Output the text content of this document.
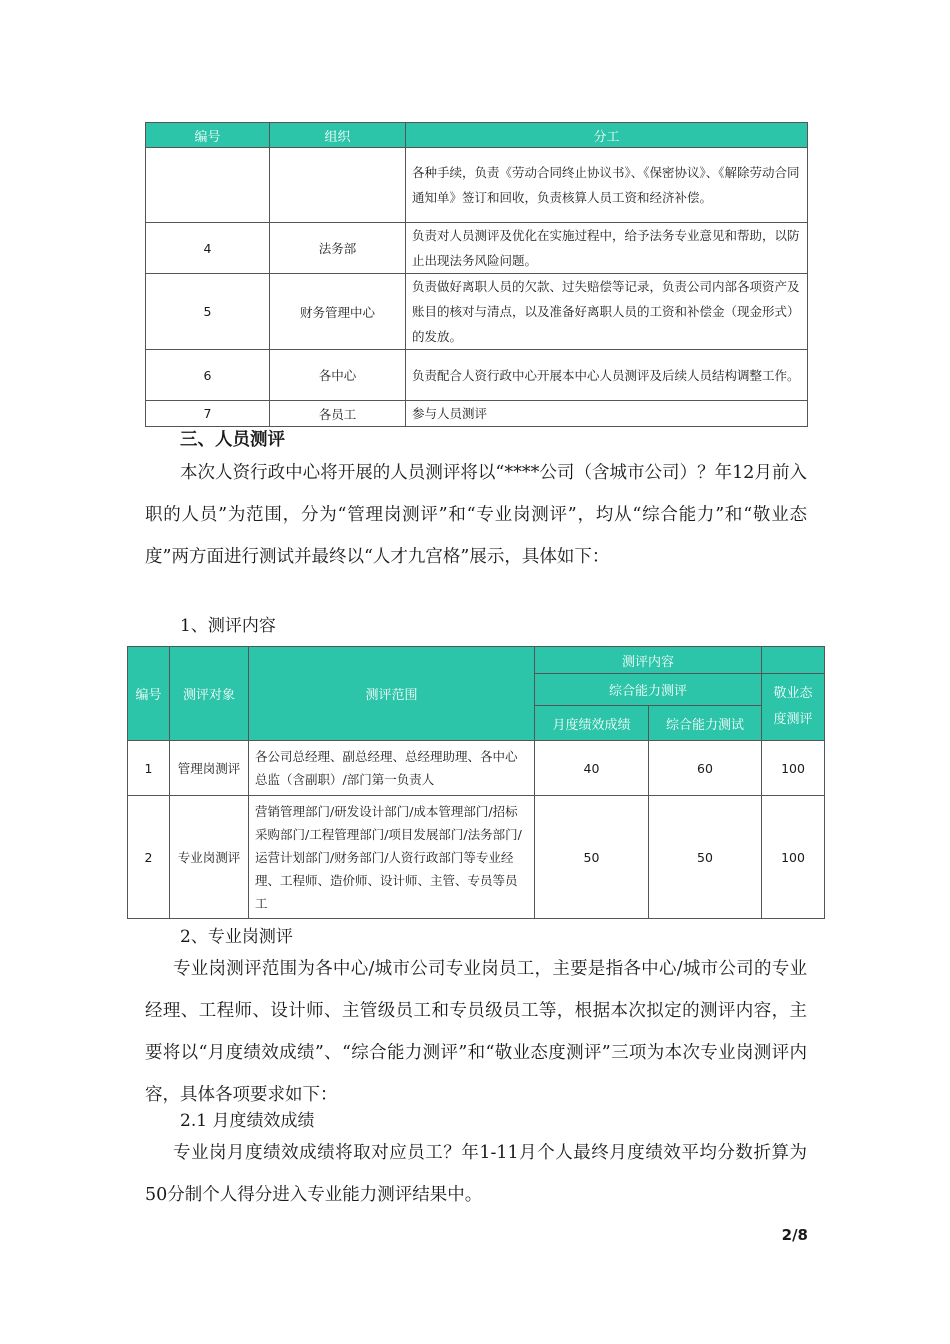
编号	组织	分工
		各种手续，负责《劳动合同终止协议书》、《保密协议》、《解除劳动合同通知单》签订和回收，负责核算人员工资和经济补偿。
4	法务部	负责对人员测评及优化在实施过程中，给予法务专业意见和帮助，以防止出现法务风险问题。
5	财务管理中心	负责做好离职人员的欠款、过失赔偿等记录，负责公司内部各项资产及账目的核对与清点，以及准备好离职人员的工资和补偿金（现金形式）的发放。
6	各中心	负责配合人资行政中心开展本中心人员测评及后续人员结构调整工作。
7	各员工	参与人员测评
三、人员测评
本次人资行政中心将开展的人员测评将以“****公司（含城市公司）？年12月前入职的人员”为范围，分为“管理岗测评”和“专业岗测评”，均从“综合能力”和“敬业态度”两方面进行测试并最终以“人才九宫格”展示，具体如下：
1、测评内容
编号	测评对象	测评范围	测评内容		
			综合能力测评		敬业态度测评
			月度绩效成绩	综合能力测试	
1	管理岗测评	各公司总经理、副总经理、总经理助理、各中心总监（含副职）/部门第一负责人	40	60	100
2	专业岗测评	营销管理部门/研发设计部门/成本管理部门/招标采购部门/工程管理部门/项目发展部门/法务部门/运营计划部门/财务部门/人资行政部门等专业经理、工程师、造价师、设计师、主管、专员等员工	50	50	100
2、专业岗测评
专业岗测评范围为各中心/城市公司专业岗员工，主要是指各中心/城市公司的专业经理、工程师、设计师、主管级员工和专员级员工等，根据本次拟定的测评内容，主要将以“月度绩效成绩”、“综合能力测评”和“敬业态度测评”三项为本次专业岗测评内容，具体各项要求如下：
2.1 月度绩效成绩
专业岗月度绩效成绩将取对应员工？年1-11月个人最终月度绩效平均分数折算为50分制个人得分进入专业能力测评结果中。
2/8
